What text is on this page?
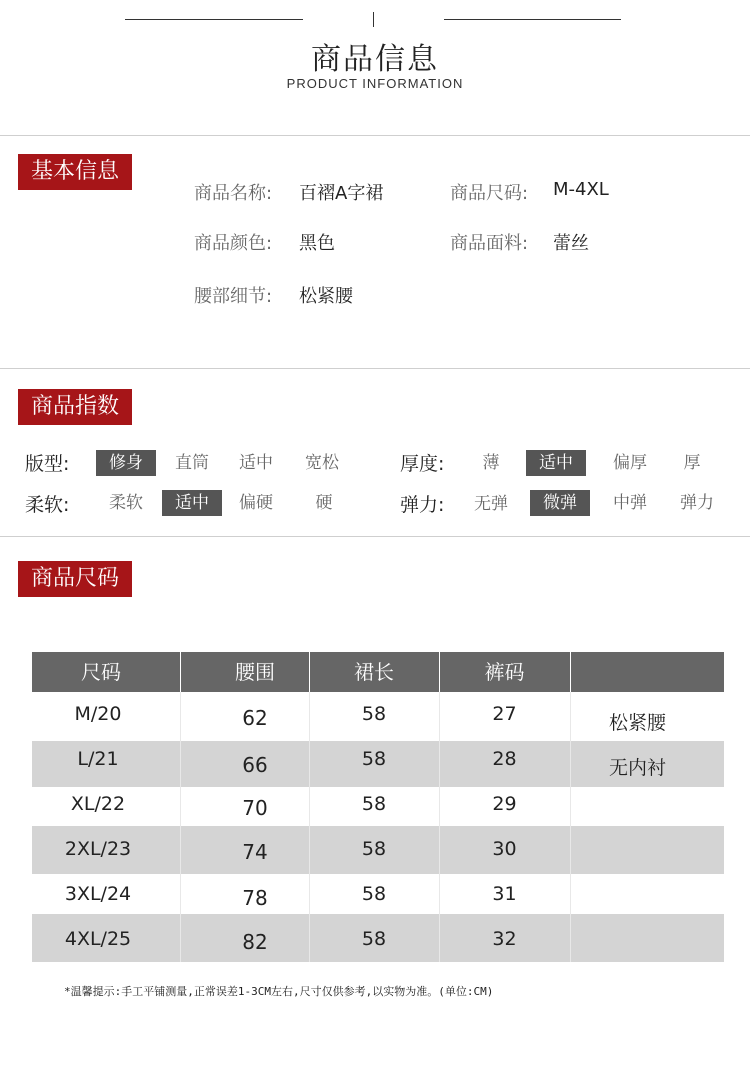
商品信息
PRODUCT INFORMATION
基本信息
商品名称: 百褶A字裙	商品尺码: M-4XL
商品颜色: 黑色	商品面料: 蕾丝
腰部细节: 松紧腰
商品指数
版型:	修身	直筒	适中	宽松	厚度:	薄	适中	偏厚	厚
柔软:	柔软	适中	偏硬	硬	弹力:	无弹	微弹	中弹	弹力
商品尺码
尺码	腰围	裙长	裤码
M/20	62	58	27	松紧腰
L/21	66	58	28	无内衬
XL/22	70	58	29
2XL/23	74	58	30
3XL/24	78	58	31
4XL/25	82	58	32
*温馨提示:手工平铺测量,正常误差1-3CM左右,尺寸仅供参考,以实物为准。(单位:CM)
